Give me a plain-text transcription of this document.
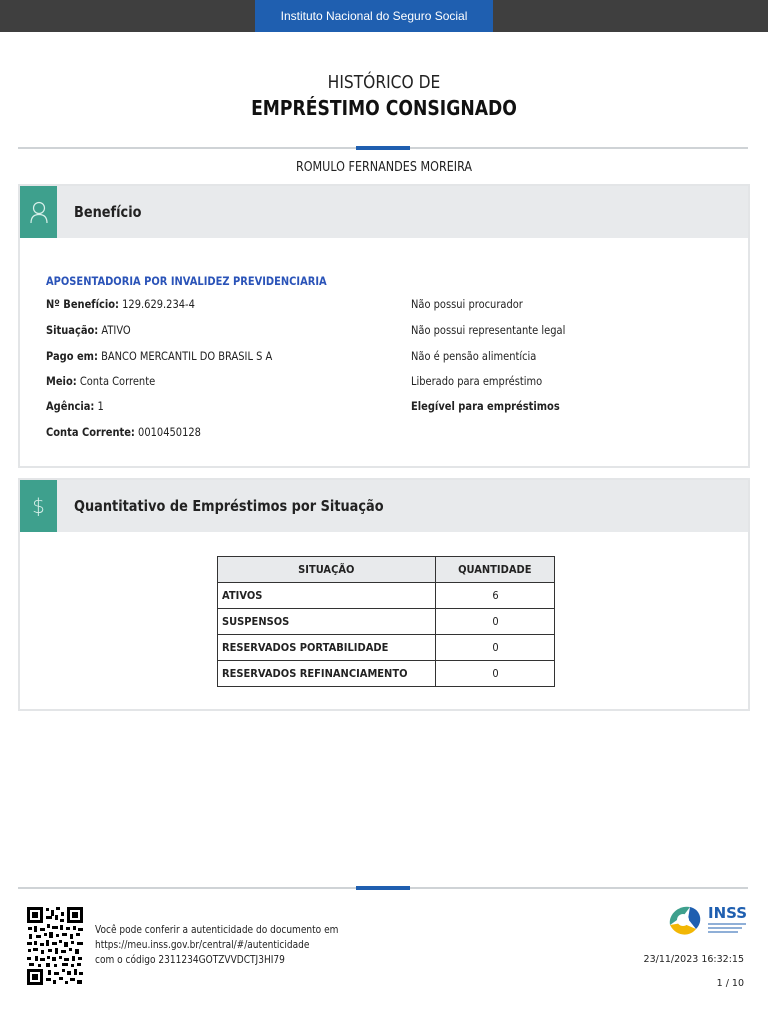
Instituto Nacional do Seguro Social
HISTÓRICO DE
EMPRÉSTIMO CONSIGNADO
ROMULO FERNANDES MOREIRA
Benefício
APOSENTADORIA POR INVALIDEZ PREVIDENCIARIA
Nº Benefício: 129.629.234-4
Situação: ATIVO
Pago em: BANCO MERCANTIL DO BRASIL S A
Meio: Conta Corrente
Agência: 1
Conta Corrente: 0010450128
Não possui procurador
Não possui representante legal
Não é pensão alimentícia
Liberado para empréstimo
Elegível para empréstimos
$ Quantitativo de Empréstimos por Situação
SITUAÇÃO	QUANTIDADE
ATIVOS	6
SUSPENSOS	0
RESERVADOS PORTABILIDADE	0
RESERVADOS REFINANCIAMENTO	0
Você pode conferir a autenticidade do documento em
https://meu.inss.gov.br/central/#/autenticidade
com o código 2311234GOTZVVDCTJ3HI79
INSS
23/11/2023 16:32:15
1 / 10
